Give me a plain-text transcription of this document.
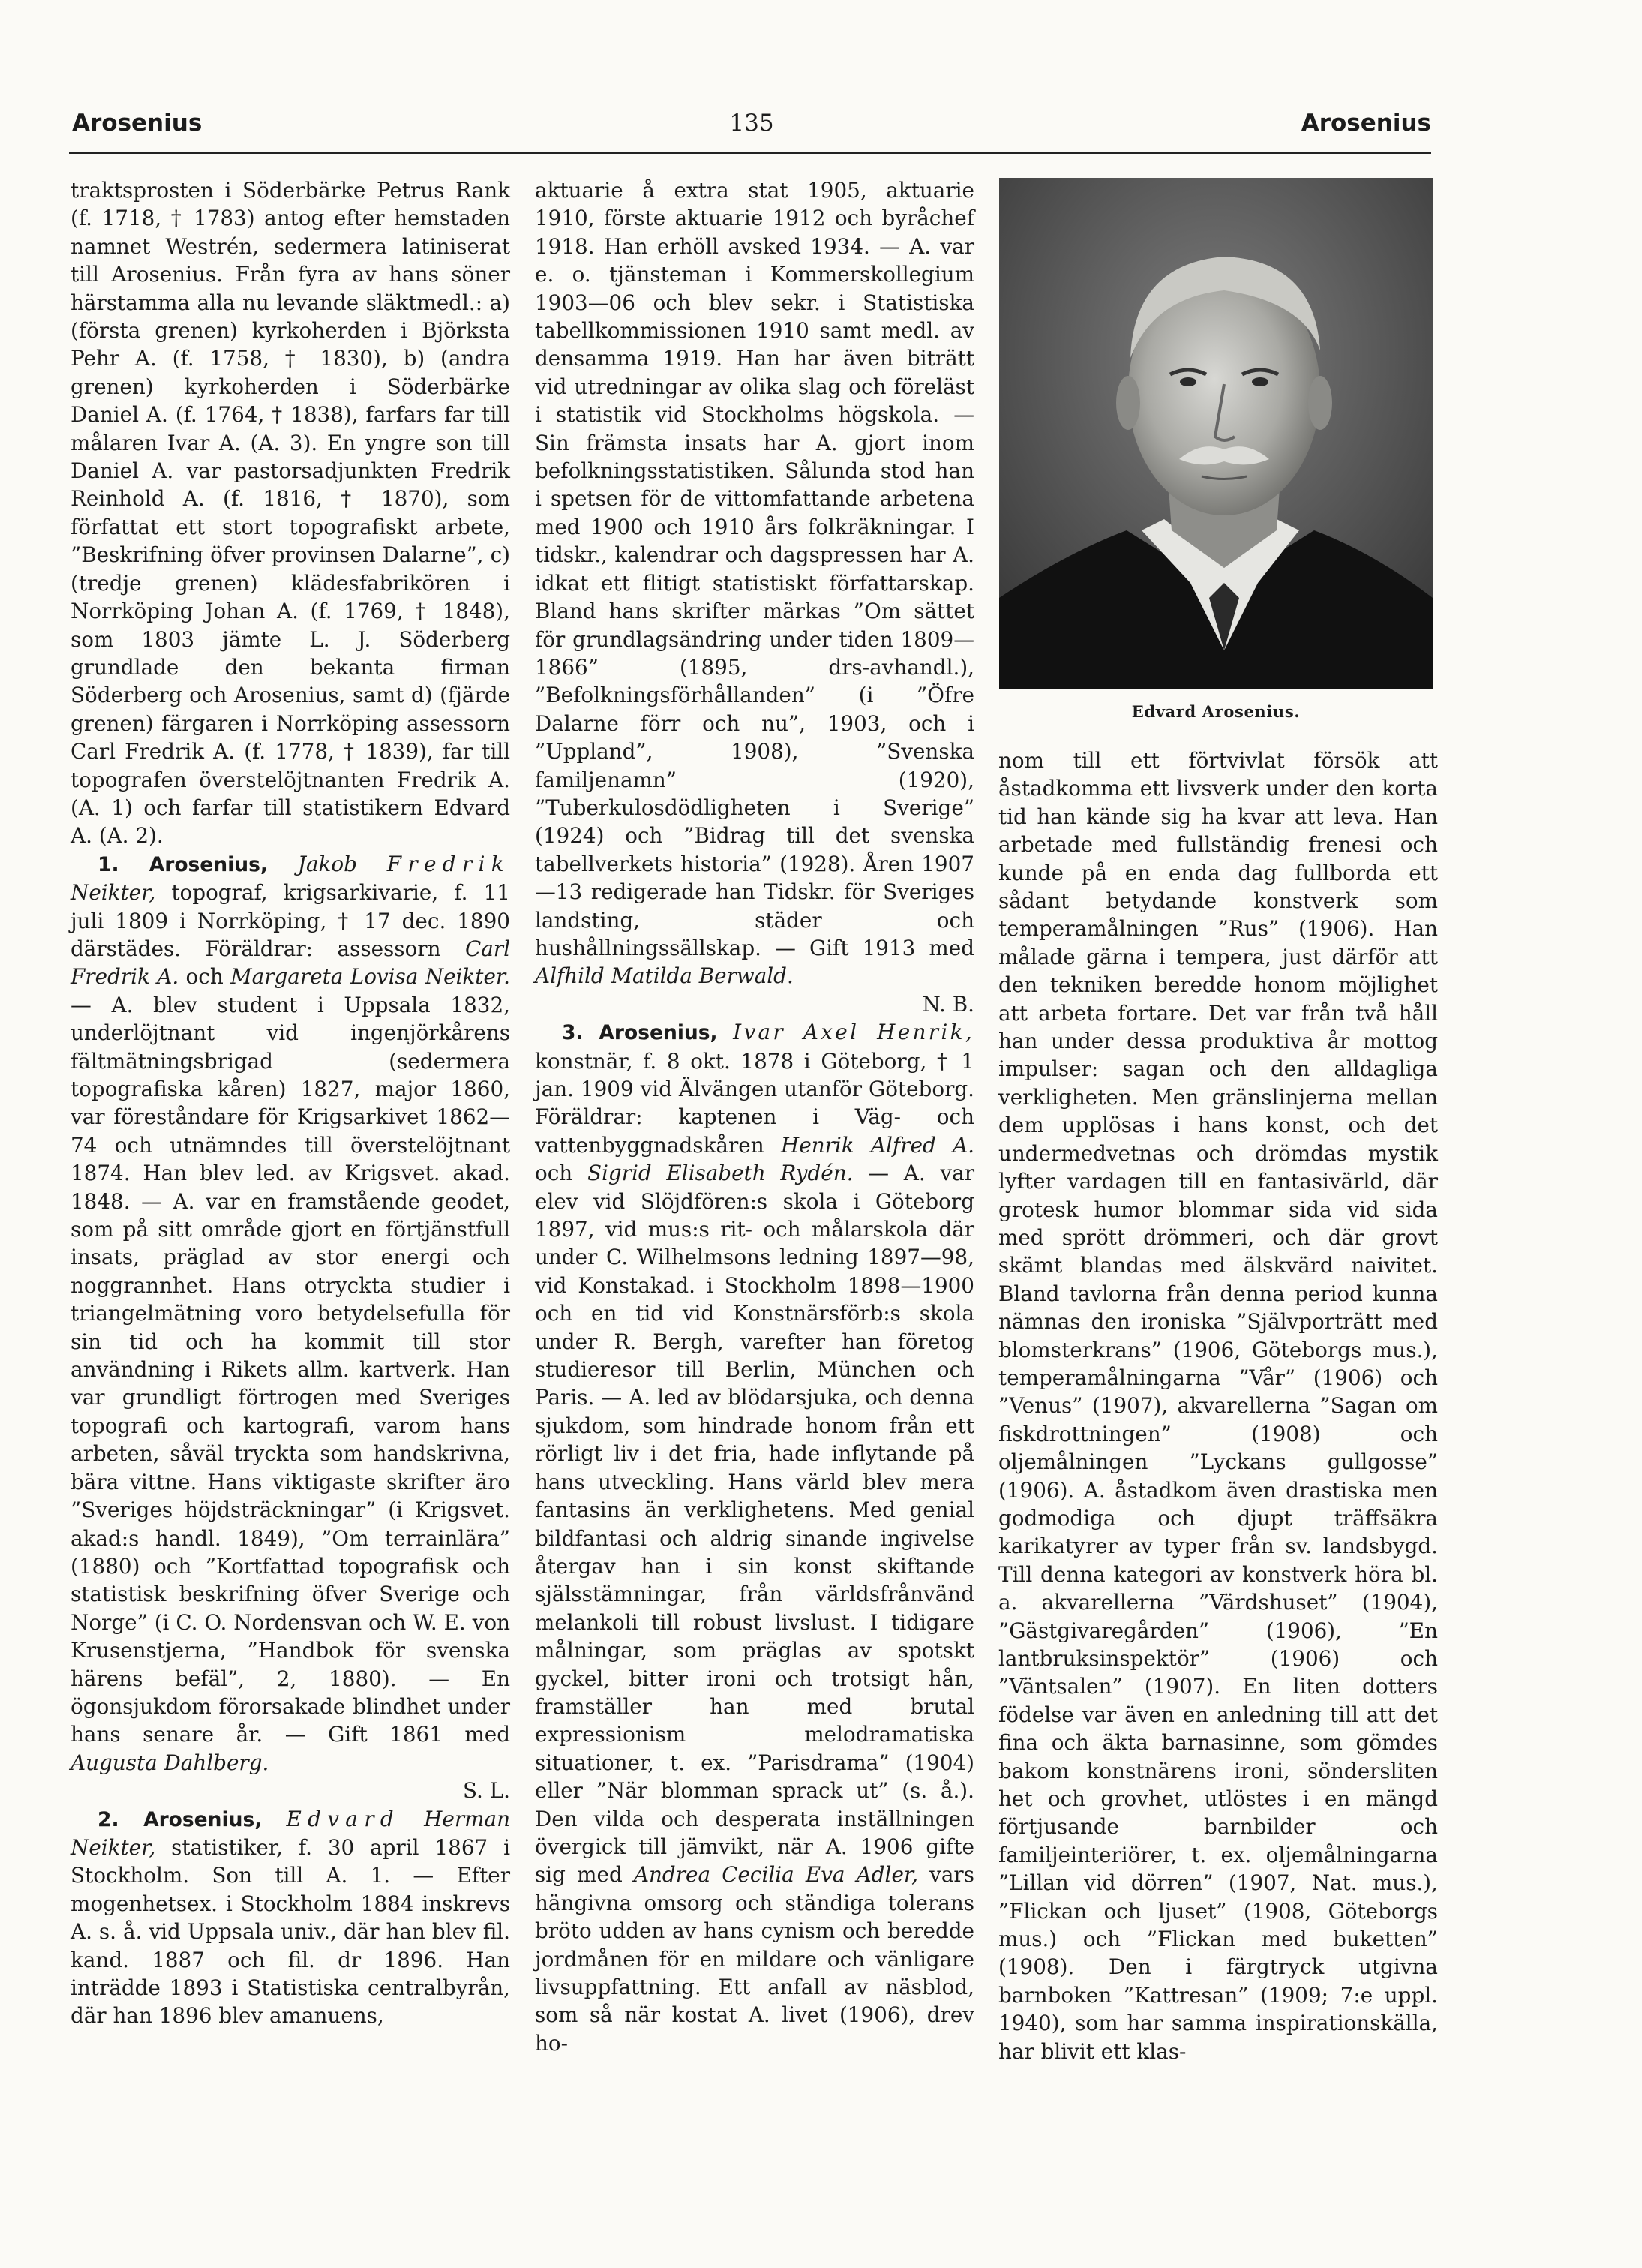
Arosenius	135	Arosenius

traktsprosten i Söderbärke Petrus Rank (f. 1718, † 1783) antog efter hemstaden namnet Westrén, sedermera latiniserat till Arosenius. Från fyra av hans söner härstamma alla nu levande släktmedl.: a) (första grenen) kyrkoherden i Björksta Pehr A. (f. 1758, † 1830), b) (andra grenen) kyrkoherden i Söderbärke Daniel A. (f. 1764, † 1838), farfars far till målaren Ivar A. (A. 3). En yngre son till Daniel A. var pastorsadjunkten Fredrik Reinhold A. (f. 1816, † 1870), som författat ett stort topografiskt arbete, ”Beskrifning öfver provinsen Dalarne”, c) (tredje grenen) klädesfabrikören i Norrköping Johan A. (f. 1769, † 1848), som 1803 jämte L. J. Söderberg grundlade den bekanta firman Söderberg och Arosenius, samt d) (fjärde grenen) färgaren i Norrköping assessorn Carl Fredrik A. (f. 1778, † 1839), far till topografen överstelöjtnanten Fredrik A. (A. 1) och farfar till statistikern Edvard A. (A. 2).

1. Arosenius, Jakob Fredrik Neikter, topograf, krigsarkivarie, f. 11 juli 1809 i Norrköping, † 17 dec. 1890 därstädes. Föräldrar: assessorn Carl Fredrik A. och Margareta Lovisa Neikter. — A. blev student i Uppsala 1832, underlöjtnant vid ingenjörkårens fältmätningsbrigad (sedermera topografiska kåren) 1827, major 1860, var föreståndare för Krigsarkivet 1862—74 och utnämndes till överstelöjtnant 1874. Han blev led. av Krigsvet. akad. 1848. — A. var en framstående geodet, som på sitt område gjort en förtjänstfull insats, präglad av stor energi och noggrannhet. Hans otryckta studier i triangelmätning voro betydelsefulla för sin tid och ha kommit till stor användning i Rikets allm. kartverk. Han var grundligt förtrogen med Sveriges topografi och kartografi, varom hans arbeten, såväl tryckta som handskrivna, bära vittne. Hans viktigaste skrifter äro ”Sveriges höjdsträckningar” (i Krigsvet. akad:s handl. 1849), ”Om terrainlära” (1880) och ”Kortfattad topografisk och statistisk beskrifning öfver Sverige och Norge” (i C. O. Nordensvan och W. E. von Krusenstjerna, ”Handbok för svenska härens befäl”, 2, 1880). — En ögonsjukdom förorsakade blindhet under hans senare år. — Gift 1861 med Augusta Dahlberg.

S. L.

2. Arosenius, Edvard Herman Neikter, statistiker, f. 30 april 1867 i Stockholm. Son till A. 1. — Efter mogenhetsex. i Stockholm 1884 inskrevs A. s. å. vid Uppsala univ., där han blev fil. kand. 1887 och fil. dr 1896. Han inträdde 1893 i Statistiska centralbyrån, där han 1896 blev amanuens,

aktuarie å extra stat 1905, aktuarie 1910, förste aktuarie 1912 och byråchef 1918. Han erhöll avsked 1934. — A. var e. o. tjänsteman i Kommerskollegium 1903—06 och blev sekr. i Statistiska tabellkommissionen 1910 samt medl. av densamma 1919. Han har även biträtt vid utredningar av olika slag och föreläst i statistik vid Stockholms högskola. — Sin främsta insats har A. gjort inom befolkningsstatistiken. Sålunda stod han i spetsen för de vittomfattande arbetena med 1900 och 1910 års folkräkningar. I tidskr., kalendrar och dagspressen har A. idkat ett flitigt statistiskt författarskap. Bland hans skrifter märkas ”Om sättet för grundlagsändring under tiden 1809—1866” (1895, drs-avhandl.), ”Befolkningsförhållanden” (i ”Öfre Dalarne förr och nu”, 1903, och i ”Uppland”, 1908), ”Svenska familjenamn” (1920), ”Tuberkulosdödligheten i Sverige” (1924) och ”Bidrag till det svenska tabellverkets historia” (1928). Åren 1907—13 redigerade han Tidskr. för Sveriges landsting, städer och hushållningssällskap. — Gift 1913 med Alfhild Matilda Berwald.

N. B.

3. Arosenius, Ivar Axel Henrik, konstnär, f. 8 okt. 1878 i Göteborg, † 1 jan. 1909 vid Älvängen utanför Göteborg. Föräldrar: kaptenen i Väg- och vattenbyggnadskåren Henrik Alfred A. och Sigrid Elisabeth Rydén. — A. var elev vid Slöjdfören:s skola i Göteborg 1897, vid mus:s rit- och målarskola där under C. Wilhelmsons ledning 1897—98, vid Konstakad. i Stockholm 1898—1900 och en tid vid Konstnärsförb:s skola under R. Bergh, varefter han företog studieresor till Berlin, München och Paris. — A. led av blödarsjuka, och denna sjukdom, som hindrade honom från ett rörligt liv i det fria, hade inflytande på hans utveckling. Hans värld blev mera fantasins än verklighetens. Med genial bildfantasi och aldrig sinande ingivelse återgav han i sin konst skiftande själsstämningar, från världsfrånvänd melankoli till robust livslust. I tidigare målningar, som präglas av spotskt gyckel, bitter ironi och trotsigt hån, framställer han med brutal expressionism melodramatiska situationer, t. ex. ”Parisdrama” (1904) eller ”När blomman sprack ut” (s. å.). Den vilda och desperata inställningen övergick till jämvikt, när A. 1906 gifte sig med Andrea Cecilia Eva Adler, vars hängivna omsorg och ständiga tolerans bröto udden av hans cynism och beredde jordmånen för en mildare och vänligare livsuppfattning. Ett anfall av näsblod, som så när kostat A. livet (1906), drev ho-

Edvard Arosenius.

nom till ett förtvivlat försök att åstadkomma ett livsverk under den korta tid han kände sig ha kvar att leva. Han arbetade med fullständig frenesi och kunde på en enda dag fullborda ett sådant betydande konstverk som temperamålningen ”Rus” (1906). Han målade gärna i tempera, just därför att den tekniken beredde honom möjlighet att arbeta fortare. Det var från två håll han under dessa produktiva år mottog impulser: sagan och den alldagliga verkligheten. Men gränslinjerna mellan dem upplösas i hans konst, och det undermedvetnas och drömdas mystik lyfter vardagen till en fantasivärld, där grotesk humor blommar sida vid sida med sprött drömmeri, och där grovt skämt blandas med älskvärd naivitet. Bland tavlorna från denna period kunna nämnas den ironiska ”Självporträtt med blomsterkrans” (1906, Göteborgs mus.), temperamålningarna ”Vår” (1906) och ”Venus” (1907), akvarellerna ”Sagan om fiskdrottningen” (1908) och oljemålningen ”Lyckans gullgosse” (1906). A. åstadkom även drastiska men godmodiga och djupt träffsäkra karikatyrer av typer från sv. landsbygd. Till denna kategori av konstverk höra bl. a. akvarellerna ”Värdshuset” (1904), ”Gästgivaregården” (1906), ”En lantbruksinspektör” (1906) och ”Väntsalen” (1907). En liten dotters födelse var även en anledning till att det fina och äkta barnasinne, som gömdes bakom konstnärens ironi, söndersliten het och grovhet, utlöstes i en mängd förtjusande barnbilder och familjeinteriörer, t. ex. oljemålningarna ”Lillan vid dörren” (1907, Nat. mus.), ”Flickan och ljuset” (1908, Göteborgs mus.) och ”Flickan med buketten” (1908). Den i färgtryck utgivna barnboken ”Kattresan” (1909; 7:e uppl. 1940), som har samma inspirationskälla, har blivit ett klas-
